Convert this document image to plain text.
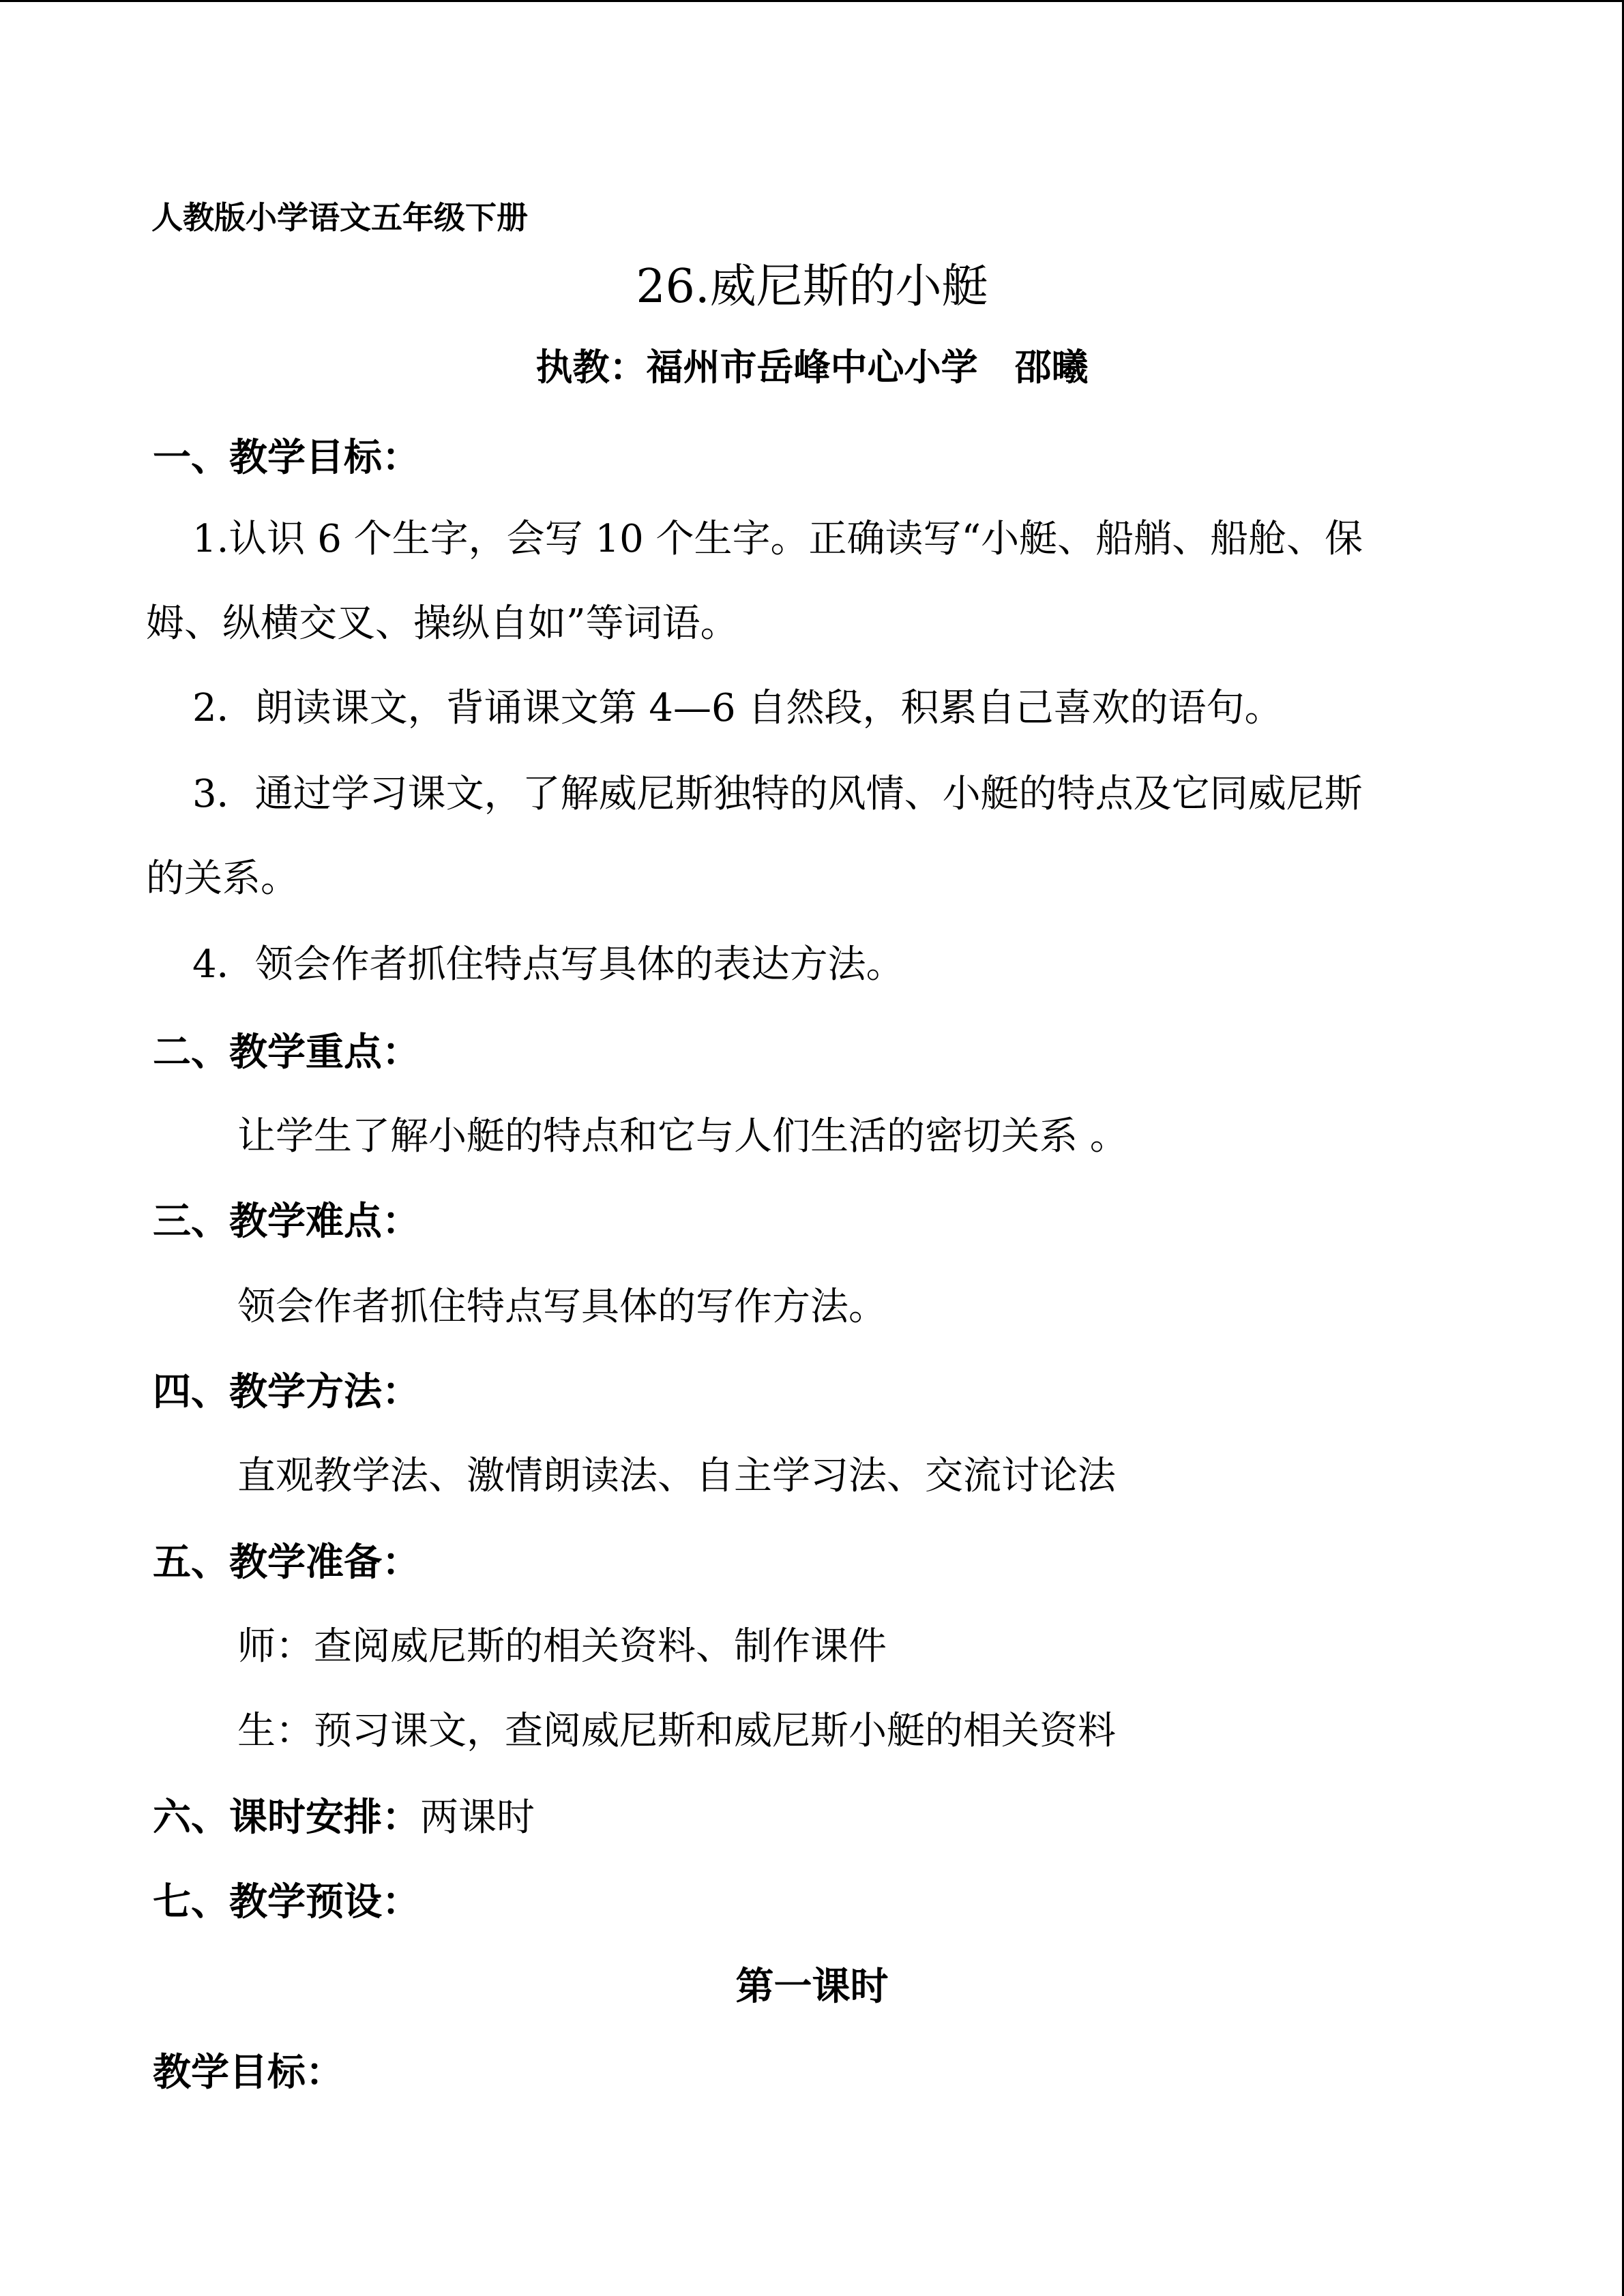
人教版小学语文五年级下册
26.威尼斯的小艇
执教：福州市岳峰中心小学　邵曦
一、教学目标：
1.认识 6 个生字，会写 10 个生字。正确读写“小艇、船艄、船舱、保
姆、纵横交叉、操纵自如”等词语。
2．朗读课文，背诵课文第 4—6 自然段，积累自己喜欢的语句。
3．通过学习课文，了解威尼斯独特的风情、小艇的特点及它同威尼斯
的关系。
4．领会作者抓住特点写具体的表达方法。
二、教学重点：
让学生了解小艇的特点和它与人们生活的密切关系 。
三、教学难点：
领会作者抓住特点写具体的写作方法。
四、教学方法：
直观教学法、激情朗读法、自主学习法、交流讨论法
五、教学准备：
师：查阅威尼斯的相关资料、制作课件
生：预习课文，查阅威尼斯和威尼斯小艇的相关资料
六、课时安排：两课时
七、教学预设：
第一课时
教学目标：
